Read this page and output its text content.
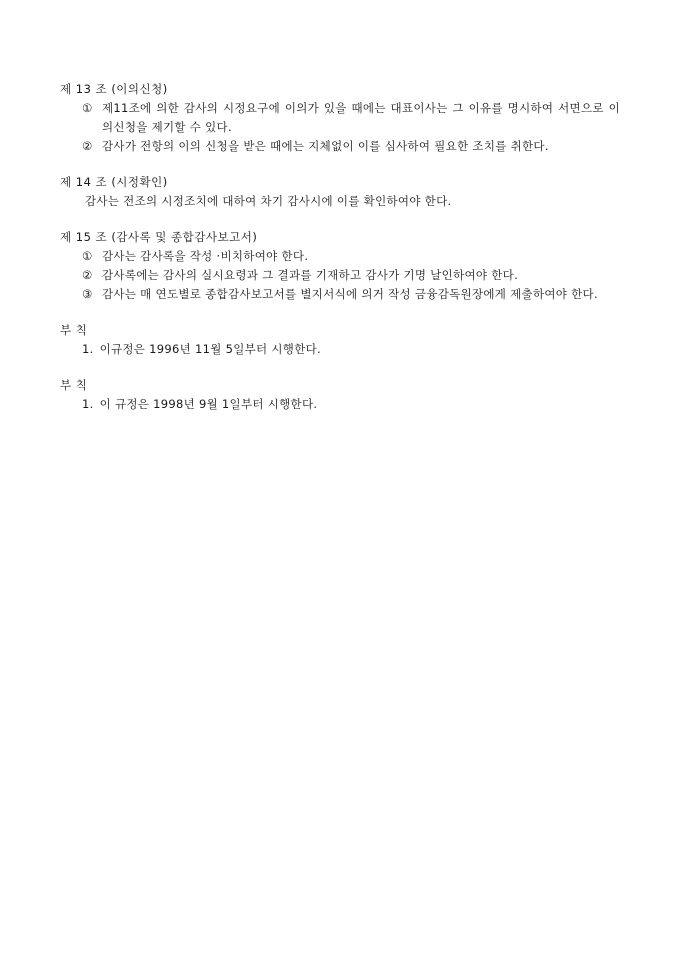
제 13 조 (이의신청)
① 제11조에 의한 감사의 시정요구에 이의가 있을 때에는 대표이사는 그 이유를 명시하여 서면으로 이의신청을 제기할 수 있다.
② 감사가 전항의 이의 신청을 받은 때에는 지체없이 이를 심사하여 필요한 조치를 취한다.
제 14 조 (시정확인)
감사는 전조의 시정조치에 대하여 차기 감사시에 이를 확인하여야 한다.
제 15 조 (감사록 및 종합감사보고서)
① 감사는 감사록을 작성 ·비치하여야 한다.
② 감사록에는 감사의 실시요령과 그 결과를 기재하고 감사가 기명 날인하여야 한다.
③ 감사는 매 연도별로 종합감사보고서를 별지서식에 의거 작성 금융감독원장에게 제출하여야 한다.
부 칙
1. 이규정은 1996년 11월 5일부터 시행한다.
부 칙
1. 이 규정은 1998년 9월 1일부터 시행한다.
